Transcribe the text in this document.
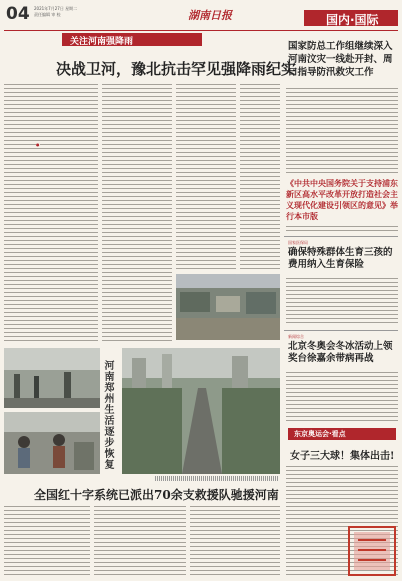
04 2021年7月27日 星期二
责任编辑 审 校	湖南日报	国内·国际
关注河南强降雨
决战卫河，豫北抗击罕见强降雨纪实
●
河南郑州生活逐步恢复
全国红十字系统已派出70余支救援队驰援河南
国家防总工作组继续深入河南汶灾一线赴开封、周口指导防汛救灾工作
《中共中央国务院关于支持浦东新区高水平改革开放打造社会主义现代化建设引领区的意见》举行本市版
国家医保局
确保特殊群体生育三孩的费用纳入生育保险
新闻综合
北京冬奥会冬冰活动上领奖台徐嘉余带病再战
东京奥运会·看点
女子三大球！集体出击!
